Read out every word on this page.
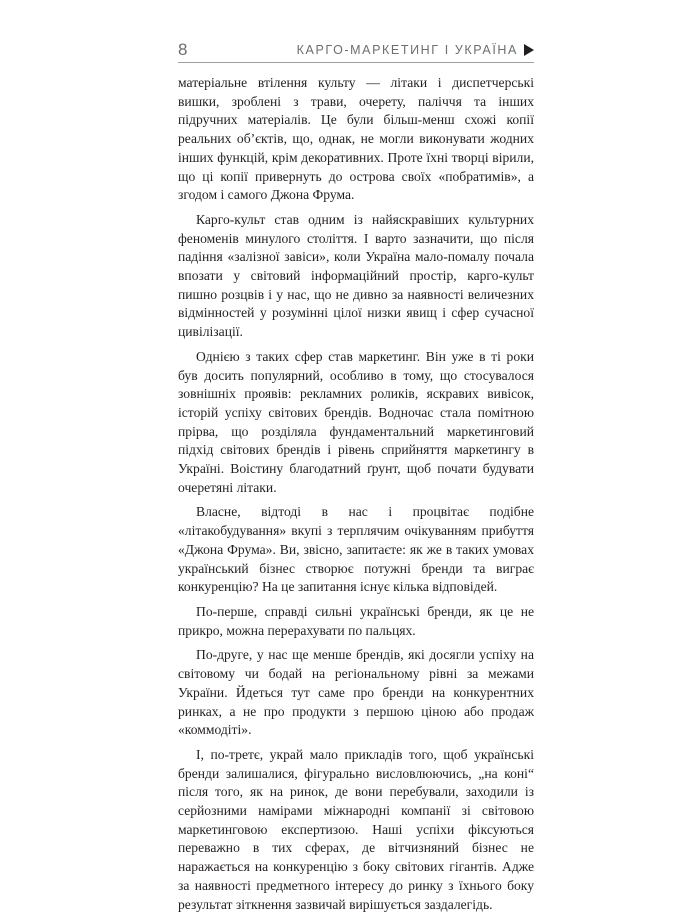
8	КАРГО-МАРКЕТИНГ І УКРАЇНА

матеріальне втілення культу — літаки і диспетчерські вишки, зроблені з трави, очерету, паліччя та інших підручних матеріалів. Це були більш-менш схожі копії реальних об’єктів, що, однак, не могли виконувати жодних інших функцій, крім декоративних. Проте їхні творці вірили, що ці копії привернуть до острова своїх «побратимів», а згодом і самого Джона Фрума.

Карго-культ став одним із найяскравіших культурних феноменів минулого століття. І варто зазначити, що після падіння «залізної завіси», коли Україна мало-помалу почала впозати у світовий інформаційний простір, карго-культ пишно розцвів і у нас, що не дивно за наявності величезних відмінностей у розумінні цілої низки явищ і сфер сучасної цивілізації.

Однією з таких сфер став маркетинг. Він уже в ті роки був досить популярний, особливо в тому, що стосувалося зовнішніх проявів: рекламних роликів, яскравих вивісок, історій успіху світових брендів. Водночас стала помітною прірва, що розділяла фундаментальний маркетинговий підхід світових брендів і рівень сприйняття маркетингу в Україні. Воістину благодатний ґрунт, щоб почати будувати очеретяні літаки.

Власне, відтоді в нас і процвітає подібне «літакобудування» вкупі з терплячим очікуванням прибуття «Джона Фрума». Ви, звісно, запитаєте: як же в таких умовах український бізнес створює потужні бренди та виграє конкуренцію? На це запитання існує кілька відповідей.

По-перше, справді сильні українські бренди, як це не прикро, можна перерахувати по пальцях.

По-друге, у нас ще менше брендів, які досягли успіху на світовому чи бодай на регіональному рівні за межами України. Йдеться тут саме про бренди на конкурентних ринках, а не про продукти з першою ціною або продаж «коммодіті».

І, по-третє, украй мало прикладів того, щоб українські бренди залишалися, фігурально висловлюючись, „на коні“ після того, як на ринок, де вони перебували, заходили із серйозними намірами міжнародні компанії зі світовою маркетинговою експертизою. Наші успіхи фіксуються переважно в тих сферах, де вітчизняний бізнес не наражається на конкуренцію з боку світових гігантів. Адже за наявності предметного інтересу до ринку з їхнього боку результат зіткнення зазвичай вирішується заздалегідь.
